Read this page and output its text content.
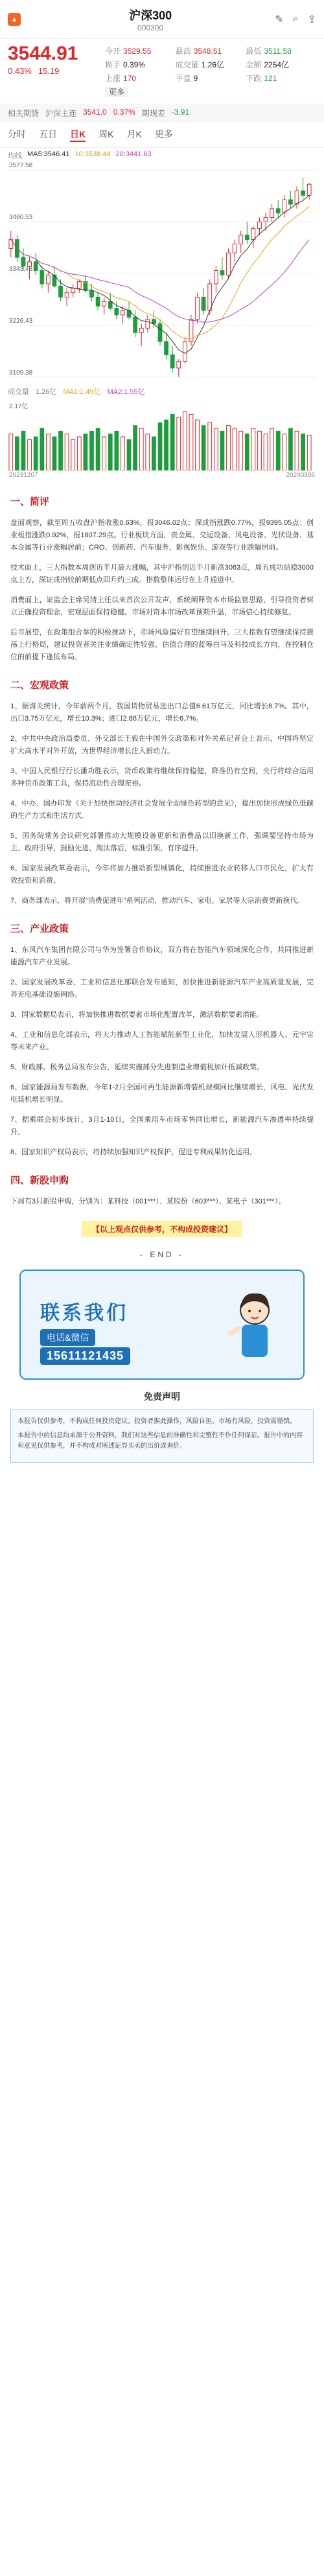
▲	沪深300
000300
✎ ⌕ ⇪
3544.91
0.43% 15.19
今开 3529.55	最高 3548.51	最低 3511.58
换手 0.39%	成交量 1.26亿	金额 2254亿
上涨 170	平盘 9	下跌 121
更多
相关期货 沪深主连 3541.0 0.37% 期现差 -3.91
分时 五日 日K 周K 月K 更多
均线 MA5:3546.41 10:3538.44 20:3441.63
3577.58
3460.53
3343.48
3226.43
3109.38
成交量 1.26亿 MA1:1.49亿 MA2:1.55亿
2.17亿
20231207	20240306
一、简评
盘面观察，截至周五收盘沪指收涨0.63%，报3046.02点；深成指涨跌0.77%，报9395.05点；创业板指涨跌0.92%，报1807.29点。行业板块方面，贵金属、交运设备、风电设备、光伏设备、基本金属等行业涨幅居前；CRO、创新药、汽车服务、影视娱乐、游戏等行业跌幅居前。
技术面上，三大指数本周创近半月最大涨幅，其中沪指创近半月新高3063点，周五成功站稳3000点上方，深证成指较前期低点回升约三成。指数整体运行在上升通道中。
消费面上，证监会主席吴清上任以来首次公开发声，系统阐释资本市场监管思路，引导投资者树立正确投资理念，宏观层面保持稳健。市场对资本市场改革预期升温，市场信心持续修复。
后市展望，在政策组合拳的积极推动下，市场风险偏好有望继续回升。三大指数有望继续保持震荡上行格局，建议投资者关注业绩确定性较强、估值合理的蓝筹白马及科技成长方向，在控制仓位的前提下逢低布局。
二、宏观政策
1、据海关统计，今年前两个月，我国货物贸易进出口总值6.61万亿元，同比增长8.7%。其中，出口3.75万亿元，增长10.3%；进口2.86万亿元，增长6.7%。
2、中共中央政治局委员、外交部长王毅在中国外交政策和对外关系记者会上表示，中国将坚定扩大高水平对外开放，为世界经济增长注入新动力。
3、中国人民银行行长潘功胜表示，货币政策将继续保持稳健，降准仍有空间，央行将综合运用多种货币政策工具，保持流动性合理充裕。
4、中办、国办印发《关于加快推动经济社会发展全面绿色转型的意见》，提出加快形成绿色低碳的生产方式和生活方式。
5、国务院常务会议研究部署推动大规模设备更新和消费品以旧换新工作，强调要坚持市场为主、政府引导，鼓励先进、淘汰落后，标准引领、有序提升。
6、国家发展改革委表示，今年将加力推动新型城镇化，持续推进农业转移人口市民化，扩大有效投资和消费。
7、商务部表示，将开展“消费促进年”系列活动，推动汽车、家电、家居等大宗消费更新换代。
三、产业政策
1、东风汽车集团有限公司与华为签署合作协议，双方将在智能汽车领域深化合作，共同推进新能源汽车产业发展。
2、国家发展改革委、工业和信息化部联合发布通知，加快推进新能源汽车产业高质量发展，完善充电基础设施网络。
3、国家数据局表示，将加快推进数据要素市场化配置改革，激活数据要素潜能。
4、工业和信息化部表示，将大力推动人工智能赋能新型工业化，加快发展人形机器人、元宇宙等未来产业。
5、财政部、税务总局发布公告，延续实施部分先进制造业增值税加计抵减政策。
6、国家能源局发布数据，今年1-2月全国可再生能源新增装机规模同比继续增长，风电、光伏发电装机增长明显。
7、据乘联会初步统计，3月1-10日，全国乘用车市场零售同比增长，新能源汽车渗透率持续提升。
8、国家知识产权局表示，将持续加强知识产权保护，促进专利成果转化运用。
四、新股申购
下周有3只新股申购，分别为：某科技（001***）、某股份（603***）、某电子（301***）。
【以上观点仅供参考，不构成投资建议】
- END -
联系我们
电话&微信
15611121435
免责声明

本报告仅供参考，不构成任何投资建议。投资者据此操作，风险自担。市场有风险，投资需谨慎。

本报告中的信息均来源于公开资料，我们对这些信息的准确性和完整性不作任何保证。报告中的内容和意见仅供参考，并不构成对所述证券买卖的出价或询价。
